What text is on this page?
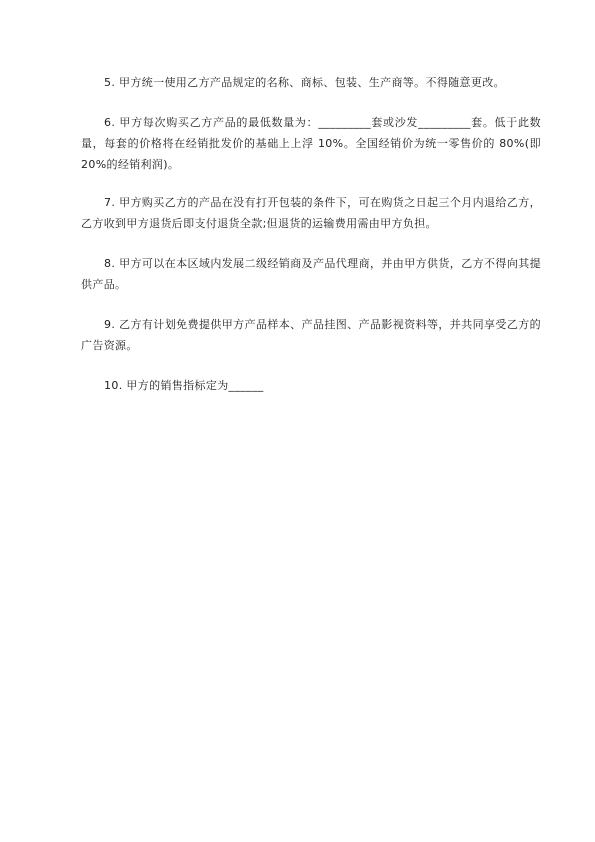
5. 甲方统一使用乙方产品规定的名称、商标、包装、生产商等。不得随意更改。

6. 甲方每次购买乙方产品的最低数量为：_________套或沙发_________套。低于此数量，每套的价格将在经销批发价的基础上上浮 10%。全国经销价为统一零售价的 80%(即 20%的经销利润)。

7. 甲方购买乙方的产品在没有打开包装的条件下，可在购货之日起三个月内退给乙方，乙方收到甲方退货后即支付退货全款;但退货的运输费用需由甲方负担。

8. 甲方可以在本区域内发展二级经销商及产品代理商，并由甲方供货，乙方不得向其提供产品。

9. 乙方有计划免费提供甲方产品样本、产品挂图、产品影视资料等，并共同享受乙方的广告资源。

10. 甲方的销售指标定为______
